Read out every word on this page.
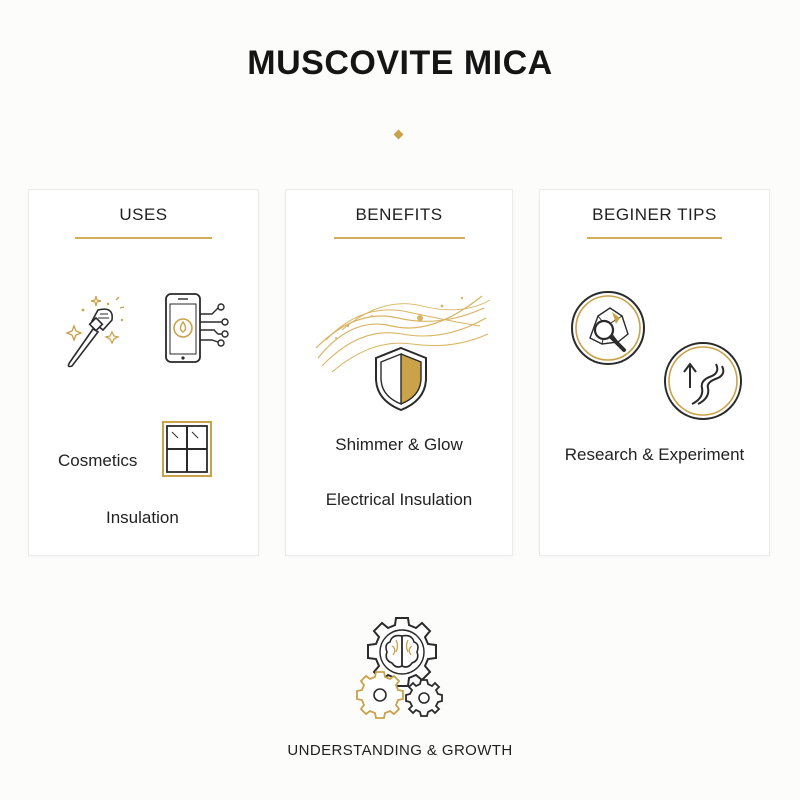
MUSCOVITE MICA
USES
Cosmetics
Insulation
BENEFITS
Shimmer & Glow
Electrical Insulation
BEGINER TIPS
Research & Experiment
UNDERSTANDING & GROWTH
